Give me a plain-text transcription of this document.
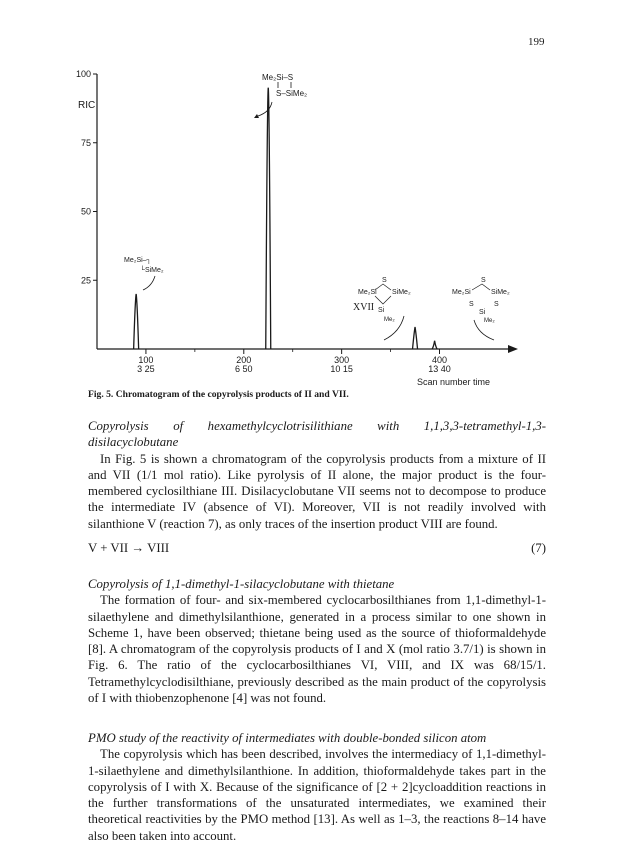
199
100
75
50
25
RIC
100
3 25
200
6 50
300
10 15
400
13 40
Scan number time
Me₂Si–S
S–SiMe₂
Me₂Si–┐
└SiMe₂
XVII
S
Me₂Si SiMe₂
Si
Me₂
S
Me₂Si	SiMe₂
S	S
Si
Me₂
Fig. 5. Chromatogram of the copyrolysis products of II and VII.
Copyrolysis of hexamethylcyclotrisilithiane with 1,1,3,3-tetramethyl-1,3-disilacyclobutane

In Fig. 5 is shown a chromatogram of the copyrolysis products from a mixture of II and VII (1/1 mol ratio). Like pyrolysis of II alone, the major product is the four-membered cyclosilthiane III. Disilacyclobutane VII seems not to decompose to produce the intermediate IV (absence of VI). Moreover, VII is not readily involved with silanthione V (reaction 7), as only traces of the insertion product VIII are found.

V + VII → VIII	(7)
Copyrolysis of 1,1-dimethyl-1-silacyclobutane with thietane

The formation of four- and six-membered cyclocarbosilthianes from 1,1-dimethyl-1-silaethylene and dimethylsilanthione, generated in a process similar to one shown in Scheme 1, have been observed; thietane being used as the source of thioformaldehyde [8]. A chromatogram of the copyrolysis products of I and X (mol ratio 3.7/1) is shown in Fig. 6. The ratio of the cyclocarbosilthianes VI, VIII, and IX was 68/15/1. Tetramethylcyclodisilthiane, previously described as the main product of the copyrolysis of I with thiobenzophenone [4] was not found.

PMO study of the reactivity of intermediates with double-bonded silicon atom

The copyrolysis which has been described, involves the intermediacy of 1,1-dimethyl-1-silaethylene and dimethylsilanthione. In addition, thioformaldehyde takes part in the copyrolysis of I with X. Because of the significance of [2 + 2]cycloaddition reactions in the further transformations of the unsaturated intermediates, we examined their theoretical reactivities by the PMO method [13]. As well as 1–3, the reactions 8–14 have also been taken into account.
